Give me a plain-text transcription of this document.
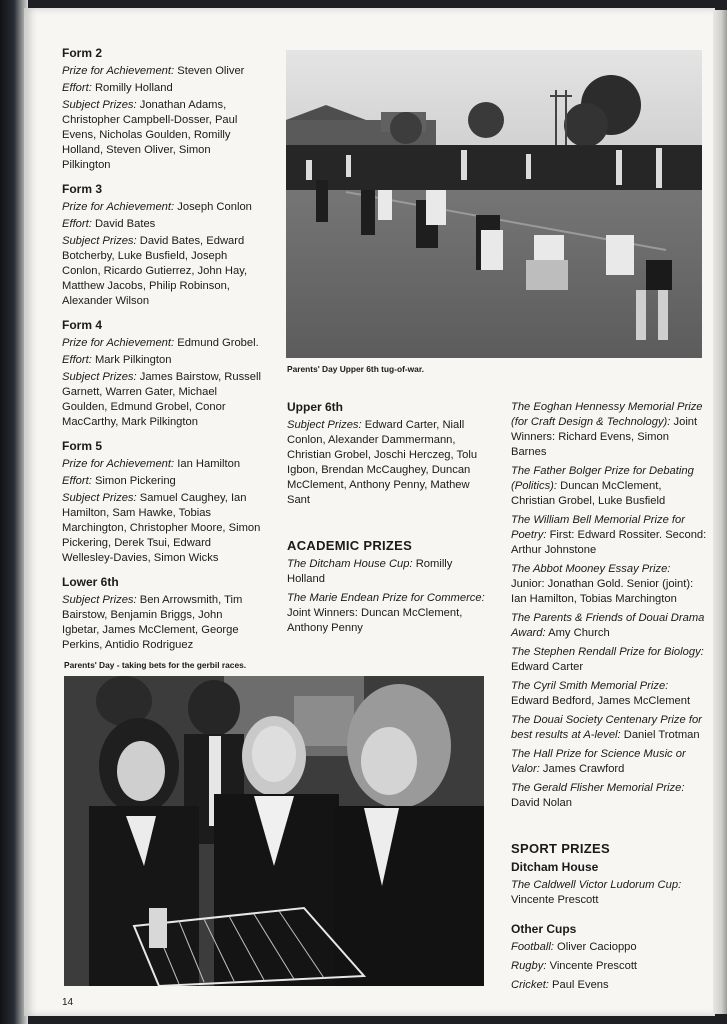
Parents' Day Upper 6th tug-of-war.
Form 2

Prize for Achievement: Steven Oliver

Effort: Romilly Holland

Subject Prizes: Jonathan Adams, Christopher Campbell-Dosser, Paul Evens, Nicholas Goulden, Romilly Holland, Steven Oliver, Simon Pilkington

Form 3

Prize for Achievement: Joseph Conlon

Effort: David Bates

Subject Prizes: David Bates, Edward Botcherby, Luke Busfield, Joseph Conlon, Ricardo Gutierrez, John Hay, Matthew Jacobs, Philip Robinson, Alexander Wilson

Form 4

Prize for Achievement: Edmund Grobel.

Effort: Mark Pilkington

Subject Prizes: James Bairstow, Russell Garnett, Warren Gater, Michael Goulden, Edmund Grobel, Conor MacCarthy, Mark Pilkington

Form 5

Prize for Achievement: Ian Hamilton

Effort: Simon Pickering

Subject Prizes: Samuel Caughey, Ian Hamilton, Sam Hawke, Tobias Marchington, Christopher Moore, Simon Pickering, Derek Tsui, Edward Wellesley-Davies, Simon Wicks

Lower 6th

Subject Prizes: Ben Arrowsmith, Tim Bairstow, Benjamin Briggs, John Igbetar, James McClement, George Perkins, Antidio Rodriguez

Parents' Day - taking bets for the gerbil races.
Upper 6th

Subject Prizes: Edward Carter, Niall Conlon, Alexander Dammermann, Christian Grobel, Joschi Herczeg, Tolu Igbon, Brendan McCaughey, Duncan McClement, Anthony Penny, Mathew Sant

ACADEMIC PRIZES

The Ditcham House Cup: Romilly Holland

The Marie Endean Prize for Commerce: Joint Winners: Duncan McClement, Anthony Penny

The Eoghan Hennessy Memorial Prize (for Craft Design & Technology): Joint Winners: Richard Evens, Simon Barnes

The Father Bolger Prize for Debating (Politics): Duncan McClement, Christian Grobel, Luke Busfield

The William Bell Memorial Prize for Poetry: First: Edward Rossiter. Second: Arthur Johnstone

The Abbot Mooney Essay Prize: Junior: Jonathan Gold. Senior (joint): Ian Hamilton, Tobias Marchington

The Parents & Friends of Douai Drama Award: Amy Church

The Stephen Rendall Prize for Biology: Edward Carter

The Cyril Smith Memorial Prize: Edward Bedford, James McClement

The Douai Society Centenary Prize for best results at A-level: Daniel Trotman

The Hall Prize for Science Music or Valor: James Crawford

The Gerald Flisher Memorial Prize: David Nolan

SPORT PRIZES
Ditcham House

The Caldwell Victor Ludorum Cup: Vincente Prescott

Other Cups

Football: Oliver Cacioppo

Rugby: Vincente Prescott

Cricket: Paul Evens

14
